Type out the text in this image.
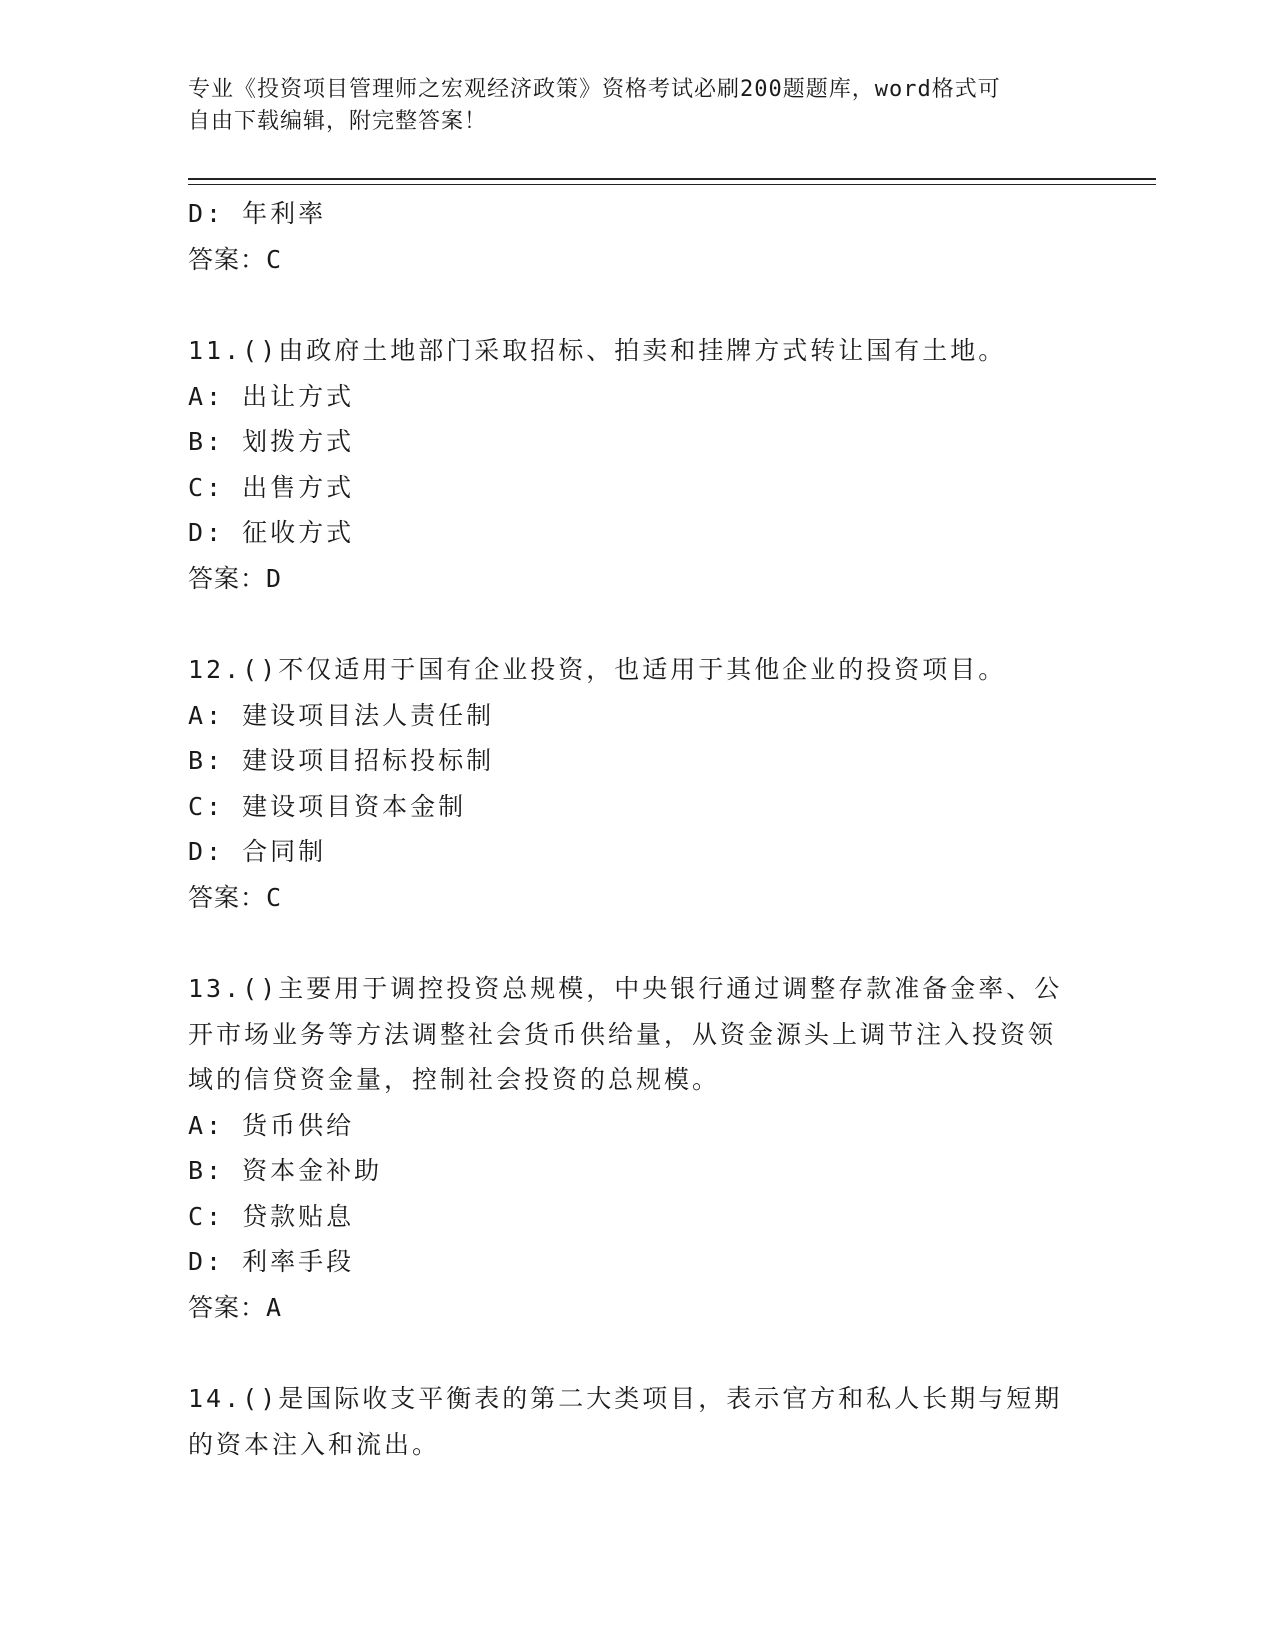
专业《投资项目管理师之宏观经济政策》资格考试必刷200题题库，word格式可
自由下载编辑，附完整答案！
D: 年利率
答案：C
11.()由政府土地部门采取招标、拍卖和挂牌方式转让国有土地。
A: 出让方式
B: 划拨方式
C: 出售方式
D: 征收方式
答案：D
12.()不仅适用于国有企业投资，也适用于其他企业的投资项目。
A: 建设项目法人责任制
B: 建设项目招标投标制
C: 建设项目资本金制
D: 合同制
答案：C
13.()主要用于调控投资总规模，中央银行通过调整存款准备金率、公开市场业务等方法调整社会货币供给量，从资金源头上调节注入投资领域的信贷资金量，控制社会投资的总规模。
A: 货币供给
B: 资本金补助
C: 贷款贴息
D: 利率手段
答案：A
14.()是国际收支平衡表的第二大类项目，表示官方和私人长期与短期的资本注入和流出。
